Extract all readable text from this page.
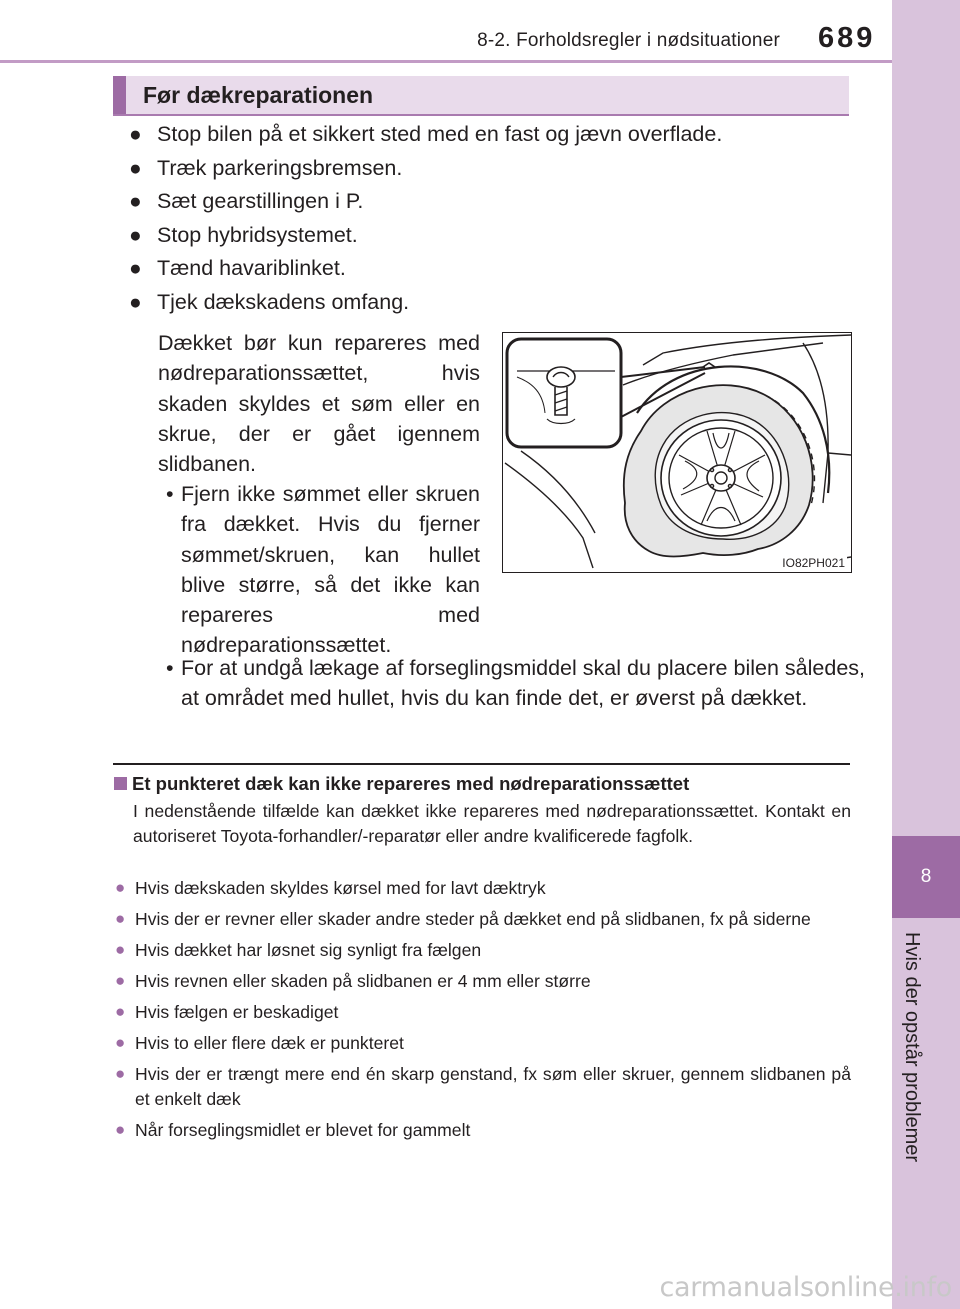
8-2. Forholdsregler i nødsituationer 689
8
Hvis der opstår problemer
Før dækreparationen
● Stop bilen på et sikkert sted med en fast og jævn overflade.
● Træk parkeringsbremsen.
● Sæt gearstillingen i P.
● Stop hybridsystemet.
● Tænd havariblinket.
● Tjek dækskadens omfang.

Dækket bør kun repareres med nødreparationssættet, hvis skaden skyldes et søm eller en skrue, der er gået igennem slidbanen.

• Fjern ikke sømmet eller skruen fra dækket. Hvis du fjerner sømmet/skruen, kan hullet blive større, så det ikke kan repareres med nødreparationssættet.
• For at undgå lækage af forseglingsmiddel skal du placere bilen således, at området med hullet, hvis du kan finde det, er øverst på dækket.
IO82PH021
Et punkteret dæk kan ikke repareres med nødreparationssættet

I nedenstående tilfælde kan dækket ikke repareres med nødreparationssættet. Kontakt en autoriseret Toyota-forhandler/-reparatør eller andre kvalificerede fagfolk.

● Hvis dækskaden skyldes kørsel med for lavt dæktryk
● Hvis der er revner eller skader andre steder på dækket end på slidbanen, fx på siderne
● Hvis dækket har løsnet sig synligt fra fælgen
● Hvis revnen eller skaden på slidbanen er 4 mm eller større
● Hvis fælgen er beskadiget
● Hvis to eller flere dæk er punkteret
● Hvis der er trængt mere end én skarp genstand, fx søm eller skruer, gennem slidbanen på et enkelt dæk
● Når forseglingsmidlet er blevet for gammelt
carmanualsonline.info
